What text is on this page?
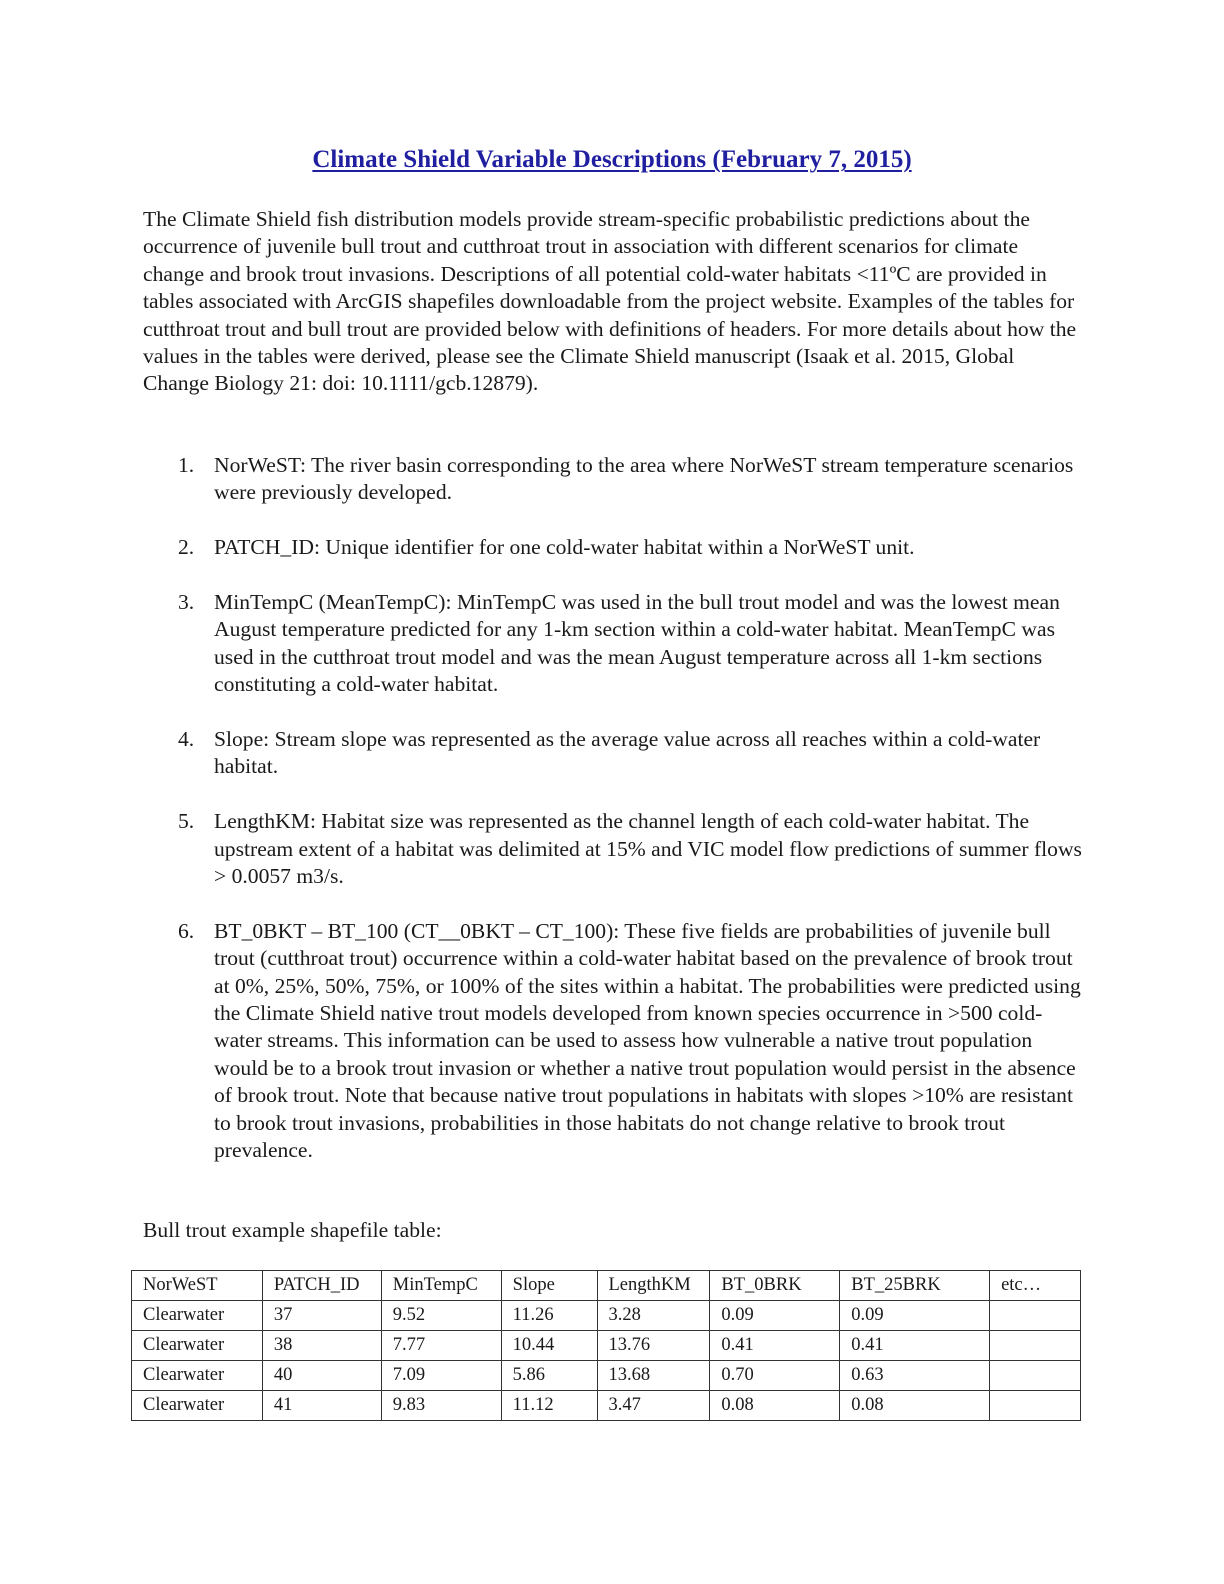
Climate Shield Variable Descriptions (February 7, 2015)

The Climate Shield fish distribution models provide stream-specific probabilistic predictions about the occurrence of juvenile bull trout and cutthroat trout in association with different scenarios for climate change and brook trout invasions. Descriptions of all potential cold-water habitats <11ºC are provided in tables associated with ArcGIS shapefiles downloadable from the project website. Examples of the tables for cutthroat trout and bull trout are provided below with definitions of headers. For more details about how the values in the tables were derived, please see the Climate Shield manuscript (Isaak et al. 2015, Global Change Biology 21: doi: 10.1111/gcb.12879).

1. NorWeST: The river basin corresponding to the area where NorWeST stream temperature scenarios were previously developed.
2. PATCH_ID: Unique identifier for one cold-water habitat within a NorWeST unit.
3. MinTempC (MeanTempC): MinTempC was used in the bull trout model and was the lowest mean August temperature predicted for any 1-km section within a cold-water habitat. MeanTempC was used in the cutthroat trout model and was the mean August temperature across all 1-km sections constituting a cold-water habitat.
4. Slope: Stream slope was represented as the average value across all reaches within a cold-water habitat.
5. LengthKM: Habitat size was represented as the channel length of each cold-water habitat. The upstream extent of a habitat was delimited at 15% and VIC model flow predictions of summer flows > 0.0057 m3/s.
6. BT_0BKT – BT_100 (CT__0BKT – CT_100): These five fields are probabilities of juvenile bull trout (cutthroat trout) occurrence within a cold-water habitat based on the prevalence of brook trout at 0%, 25%, 50%, 75%, or 100% of the sites within a habitat. The probabilities were predicted using the Climate Shield native trout models developed from known species occurrence in >500 cold-water streams. This information can be used to assess how vulnerable a native trout population would be to a brook trout invasion or whether a native trout population would persist in the absence of brook trout. Note that because native trout populations in habitats with slopes >10% are resistant to brook trout invasions, probabilities in those habitats do not change relative to brook trout prevalence.
Bull trout example shapefile table:
NorWeST	PATCH_ID	MinTempC	Slope	LengthKM	BT_0BRK	BT_25BRK	etc…
Clearwater	37	9.52	11.26	3.28	0.09	0.09	
Clearwater	38	7.77	10.44	13.76	0.41	0.41	
Clearwater	40	7.09	5.86	13.68	0.70	0.63	
Clearwater	41	9.83	11.12	3.47	0.08	0.08	
